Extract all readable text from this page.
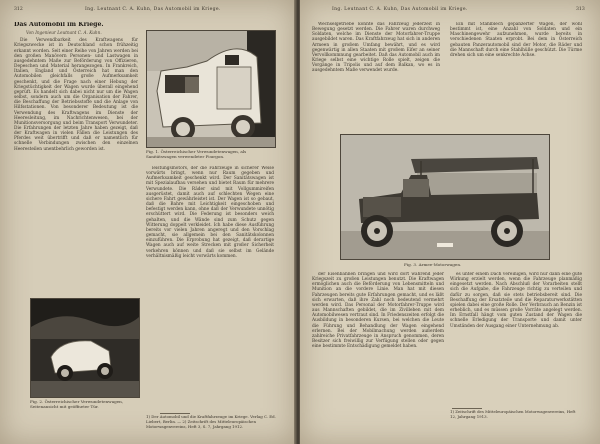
312	Ing. Leutnant C. A. Kuhn, Das Automobil im Kriege.
Das Automobil im Kriege.
Von Ingenieur Leutnant C. A. Kuhn.

Die Verwendbarkeit des Kraftwagens für Kriegszwecke ist in Deutschland schon frühzeitig erkannt worden. Seit einer Reihe von Jahren werden bei den großen Manövern Personen- und Lastwagen in ausgedehntem Maße zur Beförderung von Offizieren, Depeschen und Material herangezogen. In Frankreich, Italien, England und Österreich hat man den Automobilen gleichfalls große Aufmerksamkeit geschenkt, und die Frage nach einer Hebung der Kriegstüchtigkeit der Wagen wurde überall eingehend geprüft. Es handelt sich dabei nicht nur um die Wagen selbst, sondern auch um die Organisation der Fahrer, die Beschaffung der Betriebsstoffe und die Anlage von Hilfsstationen. Von besonderer Bedeutung ist die Verwendung des Kraftwagens im Dienste der Heeresleitung, im Nachrichtenwesen, bei der Munitionsversorgung und beim Transport Verwundeter. Die Erfahrungen der letzten Jahre haben gezeigt, daß der Kraftwagen in vielen Fällen die Leistungen des Pferdes weit übertrifft und daß er namentlich für schnelle Verbindungen zwischen den einzelnen Heeresteilen unentbehrlich geworden ist.	Fig. 1. Österreichischer Verwundetenwagen, als Sanitätswagen verwendeter Fourgon.

leistungsmotors, der die Fahrzeuge in sicherer Weise vorwärts bringt, wenn nur Raum gegeben und Aufmerksamkeit geschenkt wird. Der Sanitätswagen ist mit Spezialaufbau versehen und bietet Raum für mehrere Verwundete. Die Räder sind mit Vollgummireifen ausgerüstet, damit auch auf schlechten Wegen eine sichere Fahrt gewährleistet ist. Der Wagen ist so gebaut, daß die Bahre mit Leichtigkeit eingeschoben und befestigt werden kann, ohne daß der Verwundete unnötig erschüttert wird. Die Federung ist besonders weich gehalten, und die Wände sind zum Schutz gegen Witterung doppelt verkleidet. Ich habe diese Ausführung bereits vor vielen Jahren angeregt und den Vorschlag gemacht, sie allgemein bei den Sanitätskolonnen einzuführen. Die Erprobung hat gezeigt, daß derartige Wagen auch auf weite Strecken mit großer Sicherheit verkehren können und daß sie selbst im Gelände verhältnismäßig leicht vorwärts kommen.

Fig. 2. Österreichischer Verwundetenwagen, Seitenansicht mit geöffneter Tür.
1) Der Automobil und die Kraftfahrzeuge im Kriege. Verlag C. Ed. Liebert, Berlin. — 2) Zeitschrift des Mitteleuropäischen Motorwagenvereins, Heft 3, S. 7, Jahrgang 1912.
Ing. Leutnant C. A. Kuhn, Das Automobil im Kriege.	313

Wechselgetriebe konnte das Fahrzeug jederzeit in Bewegung gesetzt werden. Die Fahrer waren durchweg Soldaten, welche im Dienste der Motorfahrer-Truppe ausgebildet waren. Das Kraftfahrzeug hat sich in anderen Armeen in großem Umfang bewährt, und es wird gegenwärtig in allen Staaten mit großem Eifer an seiner Vervollkommnung gearbeitet. Daß das Automobil auch im Kriege selbst eine wichtige Rolle spielt, zeigen die Vorgänge in Tripolis und auf dem Balkan, wo es in ausgedehntem Maße verwendet wurde.

Ein mit Stahlblech gepanzerter Wagen, der wohl bestimmt ist, eine Anzahl von Soldaten und ein Maschinengewehr aufzunehmen, wurde bereits in verschiedenen Staaten erprobt. Bei dem in Österreich gebauten Panzerautomobil sind der Motor, die Räder und die Mannschaft durch eine Stahlhülle geschützt. Die Türme drehen sich um eine senkrechte Achse.

Fig. 3. Armee-Motorwagen.

der Eisenbahnen bringen und wird dort während jeder Kriegszeit zu großen Leistungen benutzt. Die Kraftwagen ermöglichen auch die Beförderung von Lebensmitteln und Munition an die vordere Linie. Man hat mit diesen Fahrzeugen bereits gute Erfahrungen gemacht, und es läßt sich erwarten, daß ihre Zahl noch bedeutend vermehrt werden wird. Das Personal der Motorfahrer-Truppe wird aus Mannschaften gebildet, die im Zivilleben mit dem Automobilwesen vertraut sind. In Friedenszeiten erfolgt die Ausbildung in besonderen Kursen, bei welchen die Leute die Führung und Behandlung der Wagen eingehend erlernen. Bei der Mobilmachung werden außerdem zahlreiche Privatfahrzeuge in Anspruch genommen, deren Besitzer sich freiwillig zur Verfügung stellen oder gegen eine bestimmte Entschädigung gemeldet haben.

es unter einem Dach vereinigen, wird nur dann eine gute Wirkung erzielt werden, wenn die Fahrzeuge planmäßig eingesetzt werden. Nach Abschluß der Vorarbeiten stellt sich die Aufgabe, die Fahrzeuge richtig zu verteilen und dafür zu sorgen, daß sie stets betriebsbereit sind. Die Beschaffung der Ersatzteile und die Reparaturwerkstätten spielen dabei eine große Rolle. Der Verbrauch an Benzin ist erheblich, und es müssen große Vorräte angelegt werden. Im Ernstfall hängt vom guten Zustand der Wagen die schnelle Erledigung der Transporte und damit unter Umständen der Ausgang einer Unternehmung ab.

1) Zeitschrift des Mitteleuropäischen Motorwagenvereins, Heft 12, Jahrgang 1913.
